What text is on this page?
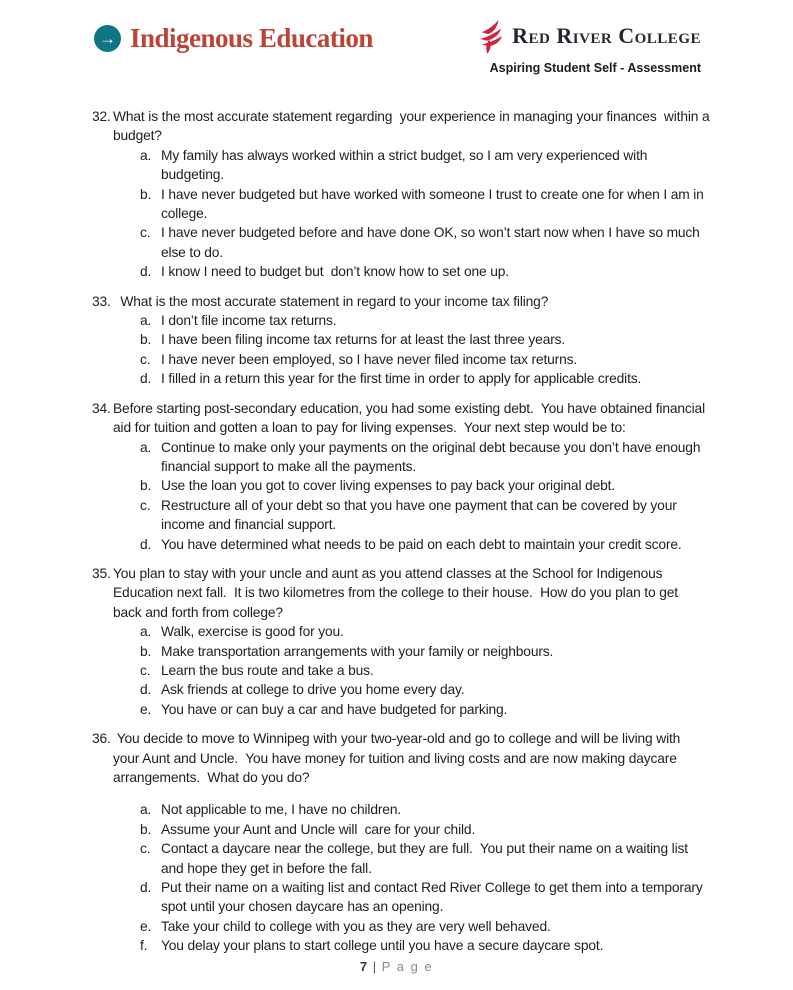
→ Indigenous Education	Red River College
Aspiring Student Self - Assessment
32. What is the most accurate statement regarding  your experience in managing your finances  within a budget?
a. My family has always worked within a strict budget, so I am very experienced with budgeting.
b. I have never budgeted but have worked with someone I trust to create one for when I am in college.
c. I have never budgeted before and have done OK, so won’t start now when I have so much else to do.
d. I know I need to budget but  don’t know how to set one up.
33. What is the most accurate statement in regard to your income tax filing?
a. I don’t file income tax returns.
b. I have been filing income tax returns for at least the last three years.
c. I have never been employed, so I have never filed income tax returns.
d. I filled in a return this year for the first time in order to apply for applicable credits.
34. Before starting post-secondary education, you had some existing debt.  You have obtained financial aid for tuition and gotten a loan to pay for living expenses.  Your next step would be to:
a. Continue to make only your payments on the original debt because you don’t have enough financial support to make all the payments.
b. Use the loan you got to cover living expenses to pay back your original debt.
c. Restructure all of your debt so that you have one payment that can be covered by your income and financial support.
d. You have determined what needs to be paid on each debt to maintain your credit score.
35. You plan to stay with your uncle and aunt as you attend classes at the School for Indigenous Education next fall.  It is two kilometres from the college to their house.  How do you plan to get back and forth from college?
a. Walk, exercise is good for you.
b. Make transportation arrangements with your family or neighbours.
c. Learn the bus route and take a bus.
d. Ask friends at college to drive you home every day.
e. You have or can buy a car and have budgeted for parking.
36. You decide to move to Winnipeg with your two-year-old and go to college and will be living with your Aunt and Uncle.  You have money for tuition and living costs and are now making daycare arrangements.  What do you do?
a. Not applicable to me, I have no children.
b. Assume your Aunt and Uncle will  care for your child.
c. Contact a daycare near the college, but they are full.  You put their name on a waiting list and hope they get in before the fall.
d. Put their name on a waiting list and contact Red River College to get them into a temporary spot until your chosen daycare has an opening.
e. Take your child to college with you as they are very well behaved.
f. You delay your plans to start college until you have a secure daycare spot.
7 | P a g e
